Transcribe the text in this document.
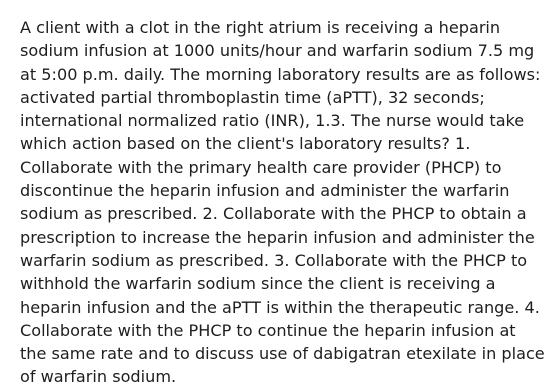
A client with a clot in the right atrium is receiving a heparin sodium infusion at 1000 units/hour and warfarin sodium 7.5 mg at 5:00 p.m. daily. The morning laboratory results are as follows: activated partial thromboplastin time (aPTT), 32 seconds; international normalized ratio (INR), 1.3. The nurse would take which action based on the client's laboratory results? 1. Collaborate with the primary health care provider (PHCP) to discontinue the heparin infusion and administer the warfarin sodium as prescribed. 2. Collaborate with the PHCP to obtain a prescription to increase the heparin infusion and administer the warfarin sodium as prescribed. 3. Collaborate with the PHCP to withhold the warfarin sodium since the client is receiving a heparin infusion and the aPTT is within the therapeutic range. 4. Collaborate with the PHCP to continue the heparin infusion at the same rate and to discuss use of dabigatran etexilate in place of warfarin sodium.
